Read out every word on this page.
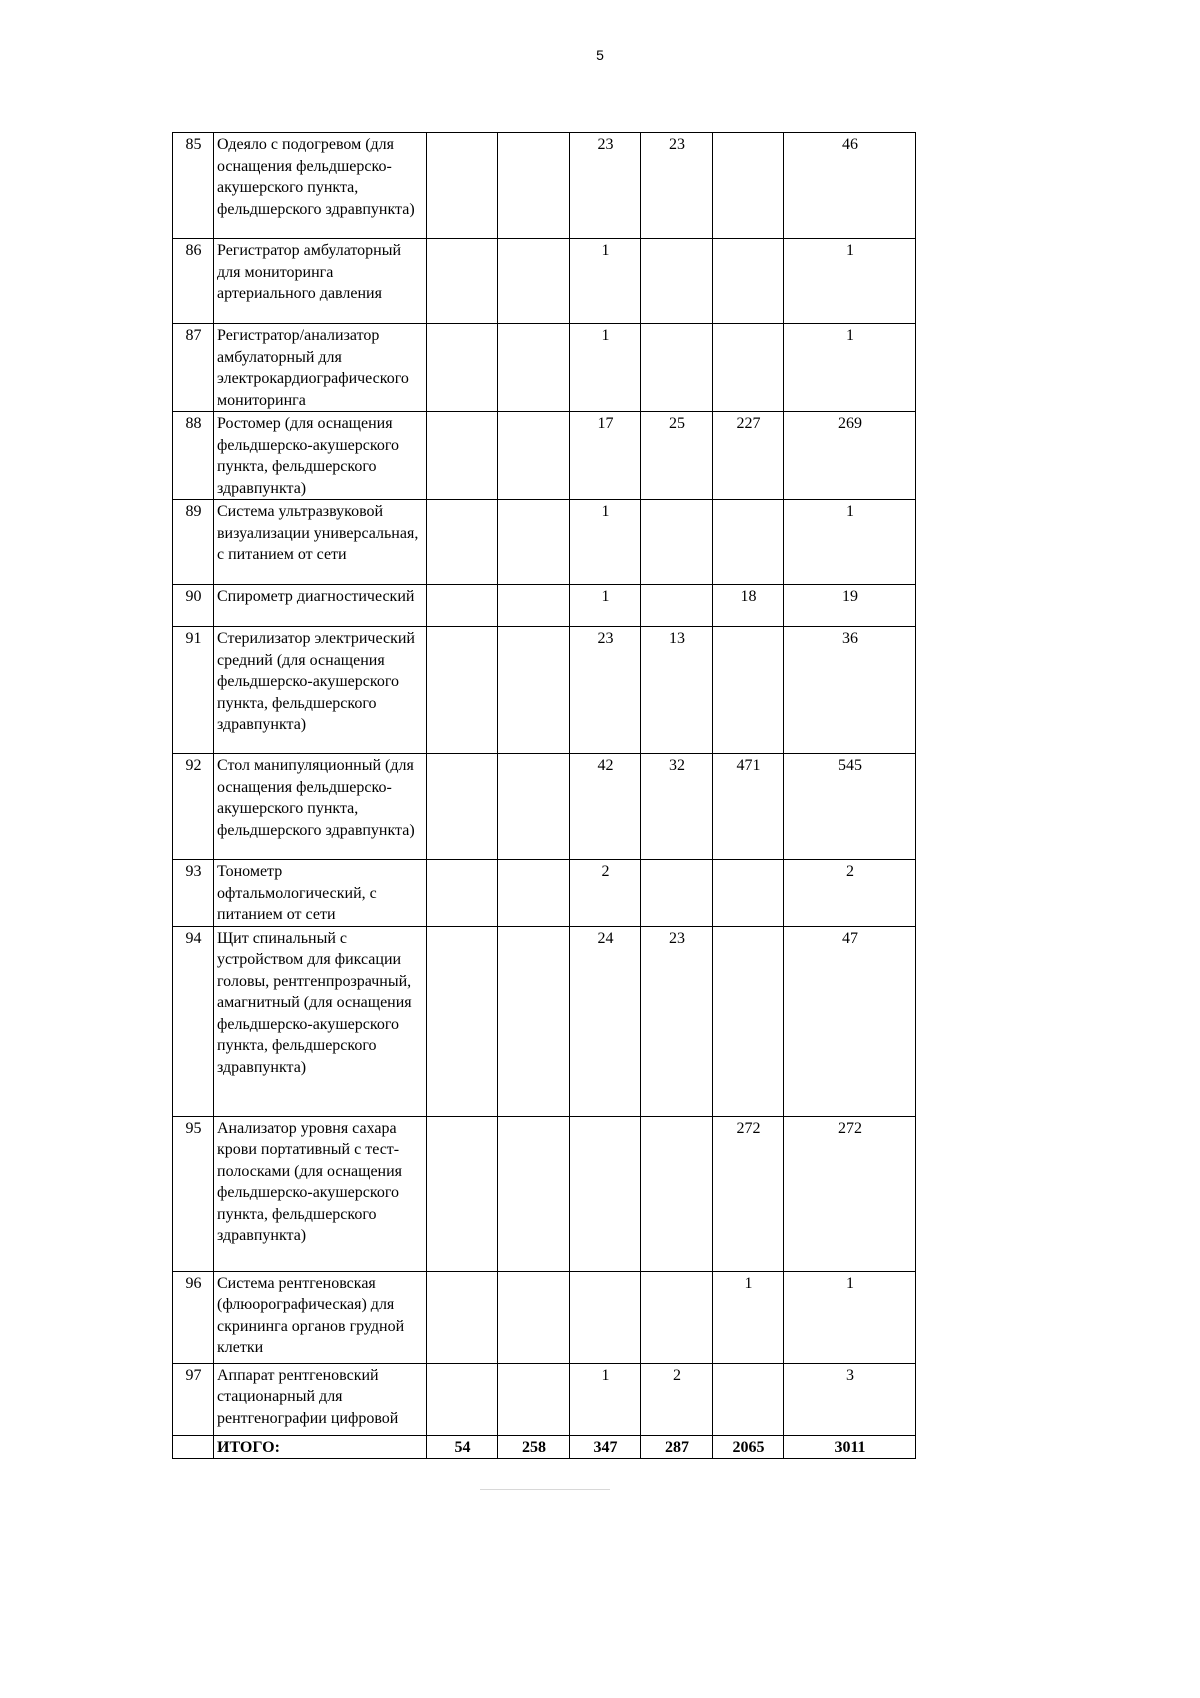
5
85	Одеяло с подогревом (для оснащения фельдшерско-акушерского пункта, фельдшерского здравпункта)			23	23		46
86	Регистратор амбулаторный для мониторинга артериального давления			1			1
87	Регистратор/анализатор амбулаторный для электрокардиографического мониторинга			1			1
88	Ростомер (для оснащения фельдшерско-акушерского пункта, фельдшерского здравпункта)			17	25	227	269
89	Система ультразвуковой визуализации универсальная, с питанием от сети			1			1
90	Спирометр диагностический			1		18	19
91	Стерилизатор электрический средний (для оснащения фельдшерско-акушерского пункта, фельдшерского здравпункта)			23	13		36
92	Стол манипуляционный (для оснащения фельдшерско-акушерского пункта, фельдшерского здравпункта)			42	32	471	545
93	Тонометр офтальмологический, с питанием от сети			2			2
94	Щит спинальный с устройством для фиксации головы, рентгенпрозрачный, амагнитный (для оснащения фельдшерско-акушерского пункта, фельдшерского здравпункта)			24	23		47
95	Анализатор уровня сахара крови портативный с тест-полосками (для оснащения фельдшерско-акушерского пункта, фельдшерского здравпункта)					272	272
96	Система рентгеновская (флюорографическая) для скрининга органов грудной клетки					1	1
97	Аппарат рентгеновский стационарный для рентгенографии цифровой			1	2		3
	ИТОГО:	54	258	347	287	2065	3011
